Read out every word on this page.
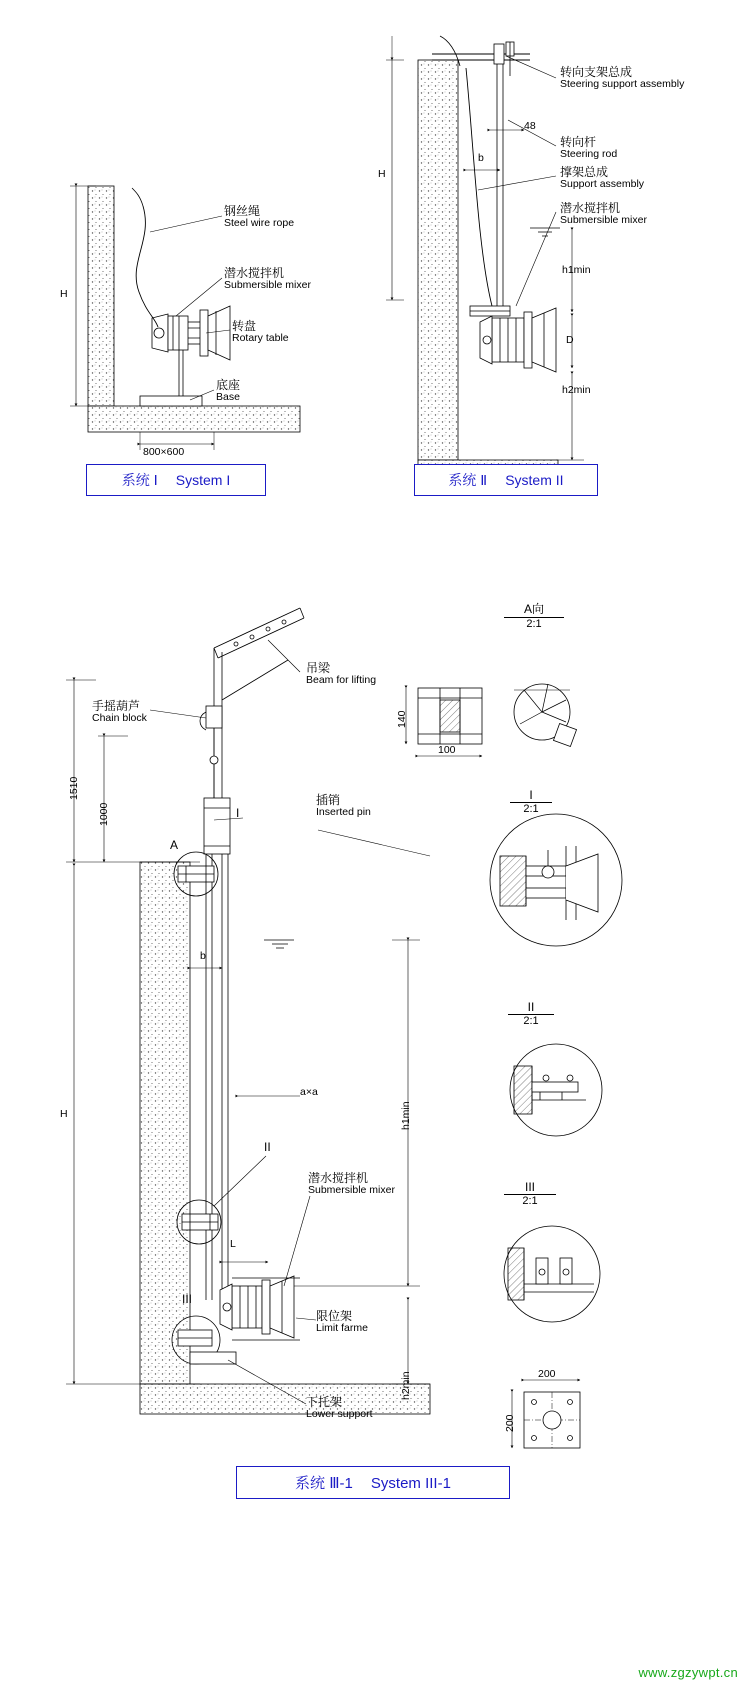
钢丝绳
Steel wire rope
潜水搅拌机
Submersible mixer
转盘
Rotary table
底座
Base
H
800×600
系统 Ⅰ System I
转向支架总成
Steering support assembly
转向杆
Steering rod
撑架总成
Support assembly
潜水搅拌机
Submersible mixer
H
b
48
h1min
D
h2min
系统 Ⅱ System II
吊梁
Beam for lifting
手摇葫芦
Chain block
插销
Inserted pin
潜水搅拌机
Submersible mixer
限位架
Limit farme
下托架
Lower support
1510
1000
H
b
a×a
h1min
h2min
L
A
I
II
III
系统 Ⅲ-1 System III-1
A向
2:1
140
100
I
2:1
II
2:1
III
2:1
200
200
www.zgzywpt.cn
